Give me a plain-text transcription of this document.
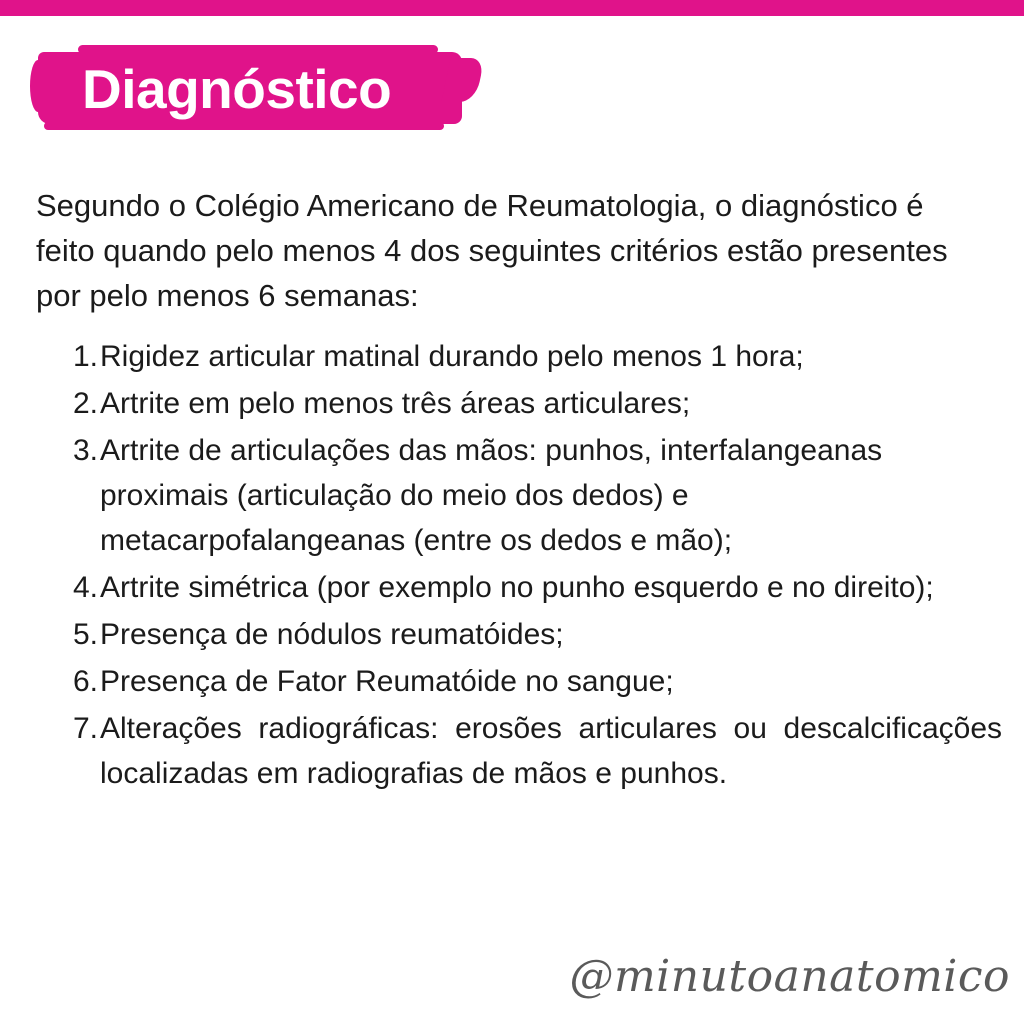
Diagnóstico

Segundo o Colégio Americano de Reumatologia, o diagnóstico é feito quando pelo menos 4 dos seguintes critérios estão presentes por pelo menos 6 semanas:

1. Rigidez articular matinal durando pelo menos 1 hora;
2. Artrite em pelo menos três áreas articulares;
3. Artrite de articulações das mãos: punhos, interfalangeanas proximais (articulação do meio dos dedos) e metacarpofalangeanas (entre os dedos e mão);
4. Artrite simétrica (por exemplo no punho esquerdo e no direito);
5. Presença de nódulos reumatóides;
6. Presença de Fator Reumatóide no sangue;
7. Alterações radiográficas: erosões articulares ou descalcificações localizadas em radiografias de mãos e punhos.
@minutoanatomico
